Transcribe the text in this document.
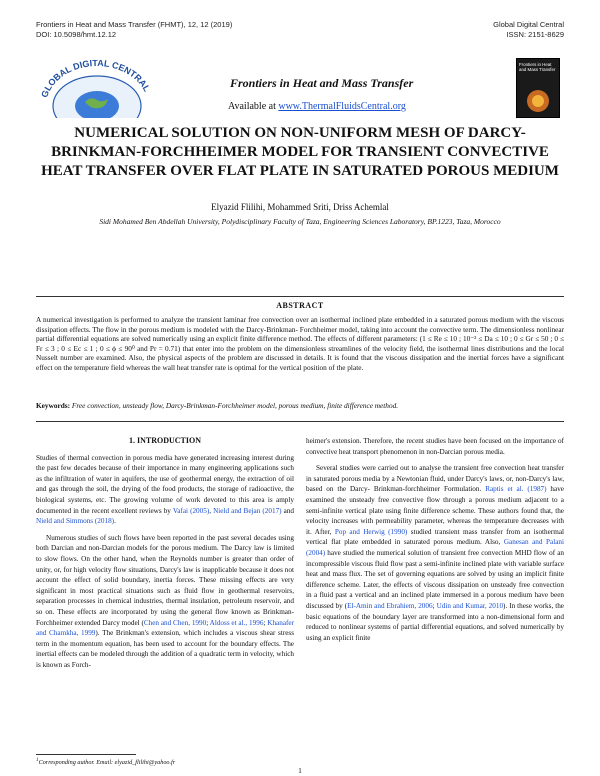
Frontiers in Heat and Mass Transfer (FHMT), 12, 12 (2019)
DOI: 10.5098/hmt.12.12
Global Digital Central
ISSN: 2151-8629
GLOBAL DIGITAL CENTRAL	Frontiers in Heat and Mass Transfer
Available at www.ThermalFluidsCentral.org
Frontiers in Heat and Mass Transfer
NUMERICAL SOLUTION ON NON-UNIFORM MESH OF DARCY-BRINKMAN-FORCHHEIMER MODEL FOR TRANSIENT CONVECTIVE HEAT TRANSFER OVER FLAT PLATE IN SATURATED POROUS MEDIUM
Elyazid Flilihi, Mohammed Sriti, Driss Achemlal
Sidi Mohamed Ben Abdellah University, Polydisciplinary Faculty of Taza, Engineering Sciences Laboratory, BP.1223, Taza, Morocco
ABSTRACT
A numerical investigation is performed to analyze the transient laminar free convection over an isothermal inclined plate embedded in a saturated porous medium with the viscous dissipation effects. The flow in the porous medium is modeled with the Darcy-Brinkman- Forchheimer model, taking into account the convective term. The dimensionless nonlinear partial differential equations are solved numerically using an explicit finite difference method. The effects of different parameters: (1 ≤ Re ≤ 10 ; 10⁻² ≤ Da ≤ 10 ; 0 ≤ Gr ≤ 50 ; 0 ≤ Fr ≤ 3 ; 0 ≤ Ec ≤ 1 ; 0 ≤ ϕ ≤ 90⁰ and Pr = 0.71) that enter into the problem on the dimensionless streamlines of the velocity field, the isothermal lines distributions and the local Nusselt number are examined. Also, the physical aspects of the problem are discussed in details. It is found that the viscous dissipation and the inertial forces have a significant effect on the temperature field whereas the wall heat transfer rate is optimal for the vertical position of the plate.
Keywords: Free convection, unsteady flow, Darcy-Brinkman-Forchheimer model, porous medium, finite difference method.
1. INTRODUCTION

Studies of thermal convection in porous media have generated increasing interest during the past few decades because of their importance in many engineering applications such as the infiltration of water in aquifers, the use of geothermal energy, the extraction of oil and gas through the soil, the drying of the food products, the storage of radioactive, the biological systems, etc. The growing volume of work devoted to this area is amply documented in the recent excellent reviews by Vafai (2005), Nield and Bejan (2017) and Nield and Simmons (2018).

Numerous studies of such flows have been reported in the past several decades using both Darcian and non-Darcian models for the porous medium. The Darcy law is limited to slow flows. On the other hand, when the Reynolds number is greater than order of unity, or, for high velocity flow situations, Darcy's law is inapplicable because it does not account the effect of solid boundary, inertia forces. These missing effects are very significant in most practical situations such as fluid flow in geothermal reservoirs, separation processes in chemical industries, thermal insulation, petroleum reservoir, and so on. These effects are incorporated by using the general flow known as Brinkman-Forchheimer extended Darcy model (Chen and Chen, 1990; Aldoss et al., 1996; Khanafer and Chamkha, 1999). The Brinkman's extension, which includes a viscous shear stress term in the momentum equation, has been used to account for the boundary effects. The inertial effects can be modeled through the addition of a quadratic term in velocity, which is known as Forch-

heimer's extension. Therefore, the recent studies have been focused on the importance of convective heat transport phenomenon in non-Darcian porous media.

Several studies were carried out to analyse the transient free convection heat transfer in saturated porous media by a Newtonian fluid, under Darcy's laws, or, non-Darcy's law, based on the Darcy- Brinkman-forchheimer Formulation. Raptis et al. (1987) have examined the unsteady free convective flow through a porous medium adjacent to a semi-infinite vertical plate using finite difference scheme. These authors found that, the velocity increases with permeability parameter, whereas the temperature decreases with it. After, Pop and Herwig (1990) studied transient mass transfer from an isothermal vertical flat plate embedded in saturated porous medium. Also, Ganesan and Palani (2004) have studied the numerical solution of transient free convection MHD flow of an incompressible viscous fluid flow past a semi-infinite inclined plate with variable surface heat and mass flux. The set of governing equations are solved by using an implicit finite difference scheme. Later, the effects of viscous dissipation on unsteady free convection in a fluid past a vertical and an inclined plate immersed in a porous medium have been discussed by (El-Amin and Ebrahiem, 2006; Udin and Kumar, 2010). In these works, the basic equations of the boundary layer are transformed into a non-dimensional form and reduced to nonlinear systems of partial differential equations, and solved numerically by using an explicit finite

$^1$Corresponding author. Email: elyazid_flilihi@yahoo.fr
1
